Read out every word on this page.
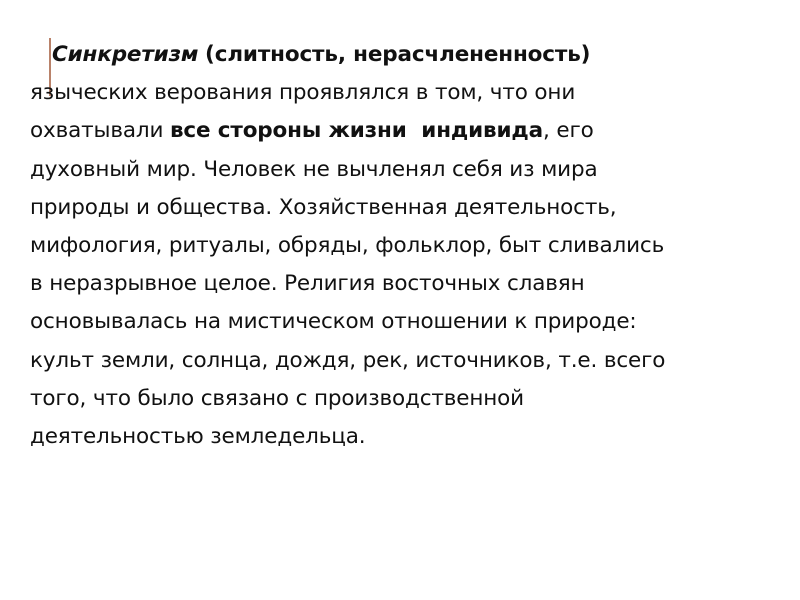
Синкретизм (слитность, нерасчлененность)
языческих верования проявлялся в том, что они
охватывали все стороны жизни  индивида, его
духовный мир. Человек не вычленял себя из мира
природы и общества. Хозяйственная деятельность,
мифология, ритуалы, обряды, фольклор, быт сливались
в неразрывное целое. Религия восточных славян
основывалась на мистическом отношении к природе:
культ земли, солнца, дождя, рек, источников, т.е. всего
того, что было связано с производственной
деятельностью земледельца.
